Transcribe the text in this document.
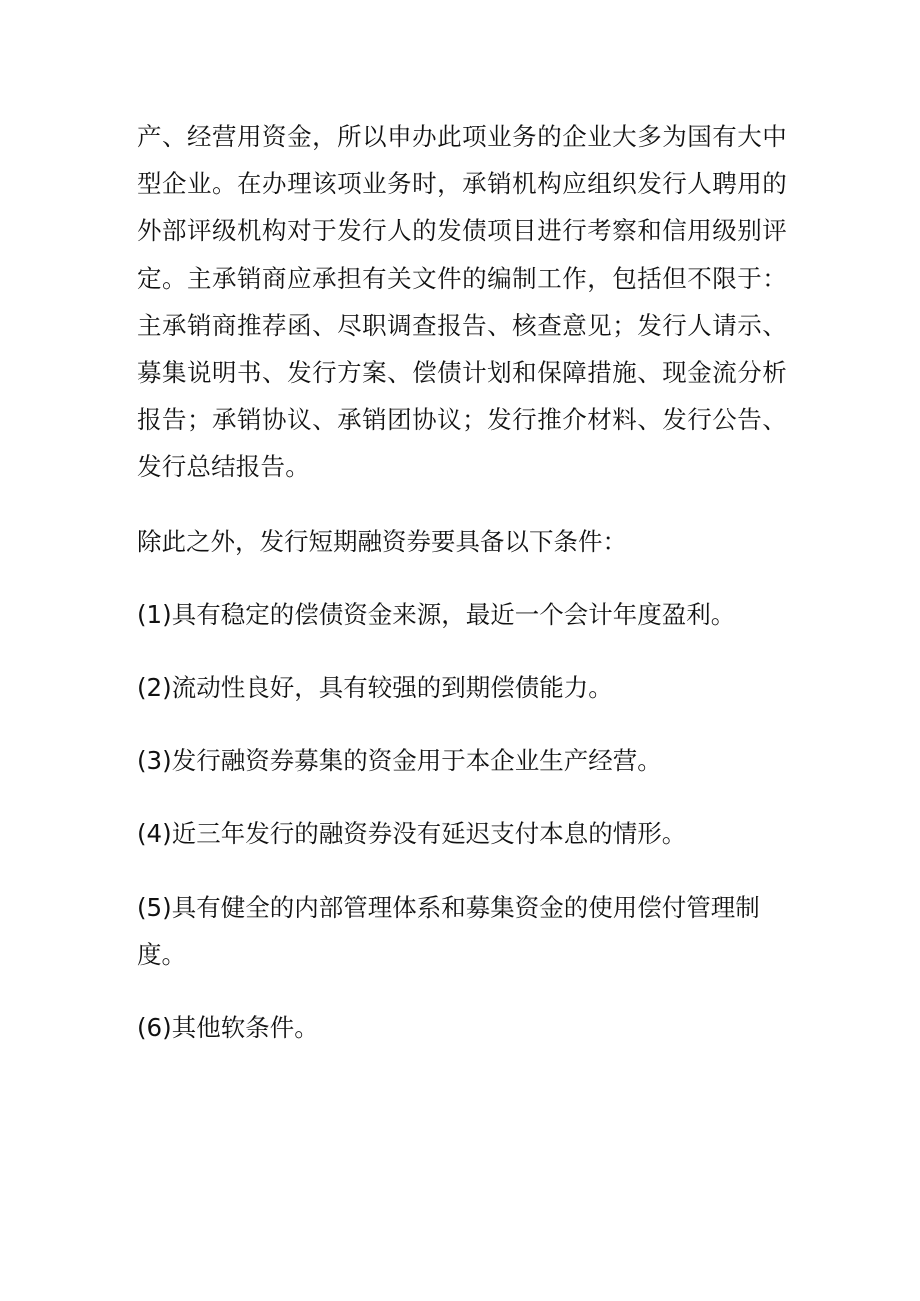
产、经营用资金，所以申办此项业务的企业大多为国有大中型企业。在办理该项业务时，承销机构应组织发行人聘用的外部评级机构对于发行人的发债项目进行考察和信用级别评定。主承销商应承担有关文件的编制工作，包括但不限于：主承销商推荐函、尽职调查报告、核查意见；发行人请示、募集说明书、发行方案、偿债计划和保障措施、现金流分析报告；承销协议、承销团协议；发行推介材料、发行公告、发行总结报告。

除此之外，发行短期融资券要具备以下条件：

(1)具有稳定的偿债资金来源，最近一个会计年度盈利。

(2)流动性良好，具有较强的到期偿债能力。

(3)发行融资券募集的资金用于本企业生产经营。

(4)近三年发行的融资券没有延迟支付本息的情形。

(5)具有健全的内部管理体系和募集资金的使用偿付管理制度。

(6)其他软条件。
